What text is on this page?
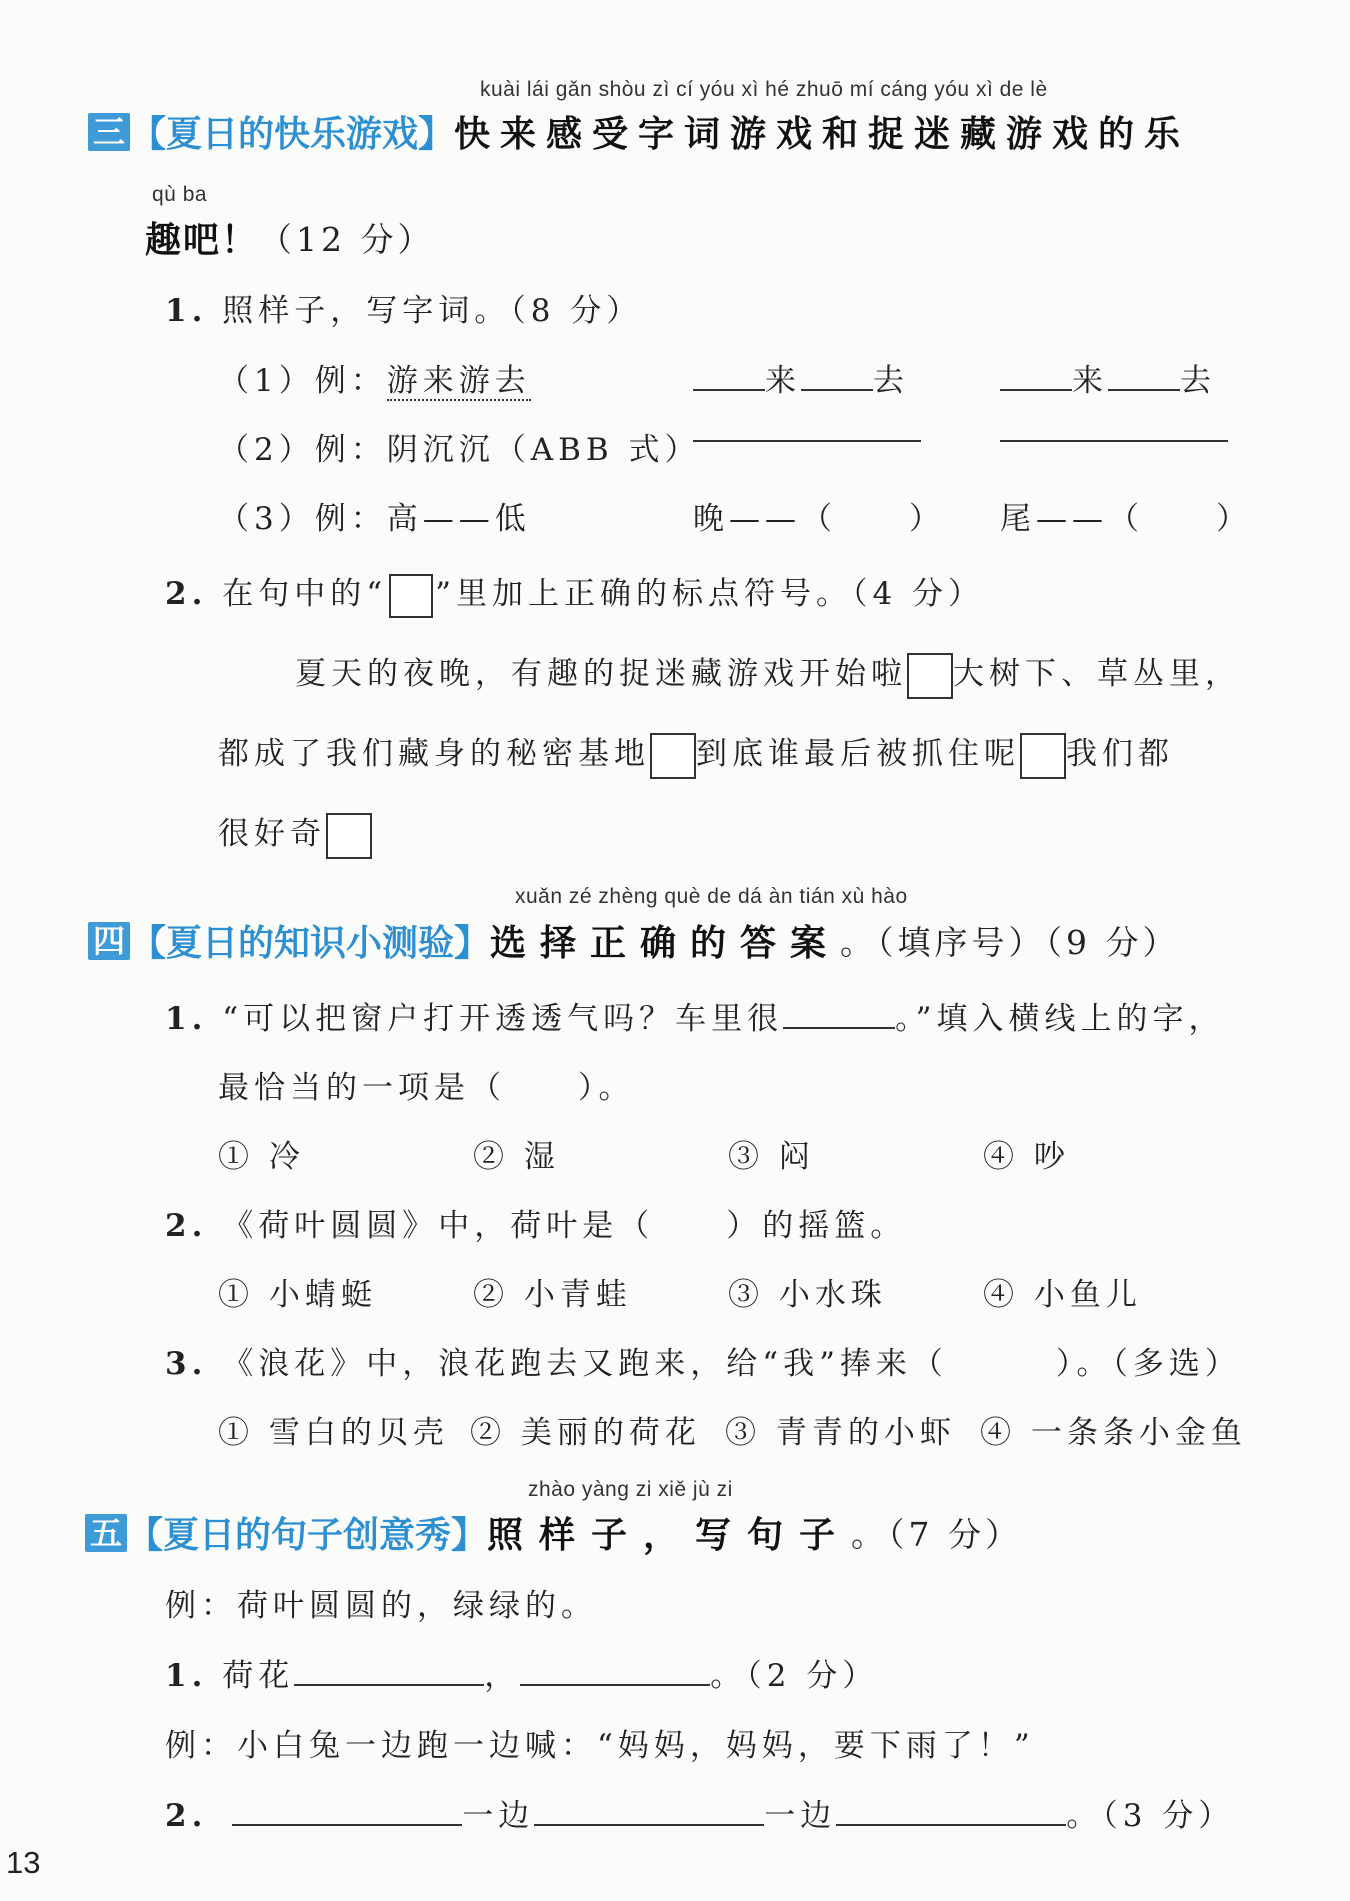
kuài lái gǎn shòu zì cí yóu xì hé zhuō mí cáng yóu xì de lè
三 【夏日的快乐游戏】快来感受字词游戏和捉迷藏游戏的乐
qù ba
趣吧！（12 分）
1. 照样子，写字词。（8 分）
（1）例：游来游去	来 去	来 去
（2）例：阴沉沉（ABB 式）
（3）例：高——低	晚——（　　） 尾——（　　）
2. 在句中的“ ”里加上正确的标点符号。（4 分）
夏天的夜晚，有趣的捉迷藏游戏开始啦 大树下、草丛里，
都成了我们藏身的秘密基地 到底谁最后被抓住呢 我们都
很好奇
xuǎn zé zhèng què de dá àn tián xù hào
四 【夏日的知识小测验】选择正确的答案。（填序号）（9 分）
1. “可以把窗户打开透透气吗？车里很	。”填入横线上的字，
最恰当的一项是（　　）。
① 冷	② 湿	③ 闷	④ 吵
2. 《荷叶圆圆》中，荷叶是（　　）的摇篮。
① 小蜻蜓	② 小青蛙	③ 小水珠	④ 小鱼儿
3. 《浪花》中，浪花跑去又跑来，给“我”捧来（　　　）。（多选）
① 雪白的贝壳 ② 美丽的荷花 ③ 青青的小虾 ④ 一条条小金鱼
zhào yàng zi xiě jù zi
五 【夏日的句子创意秀】照样子，写句子。（7 分）
例：荷叶圆圆的，绿绿的。
1. 荷花	，	。（2 分）
例：小白兔一边跑一边喊：“妈妈，妈妈，要下雨了！”
2.	一边	一边	。（3 分）
13
